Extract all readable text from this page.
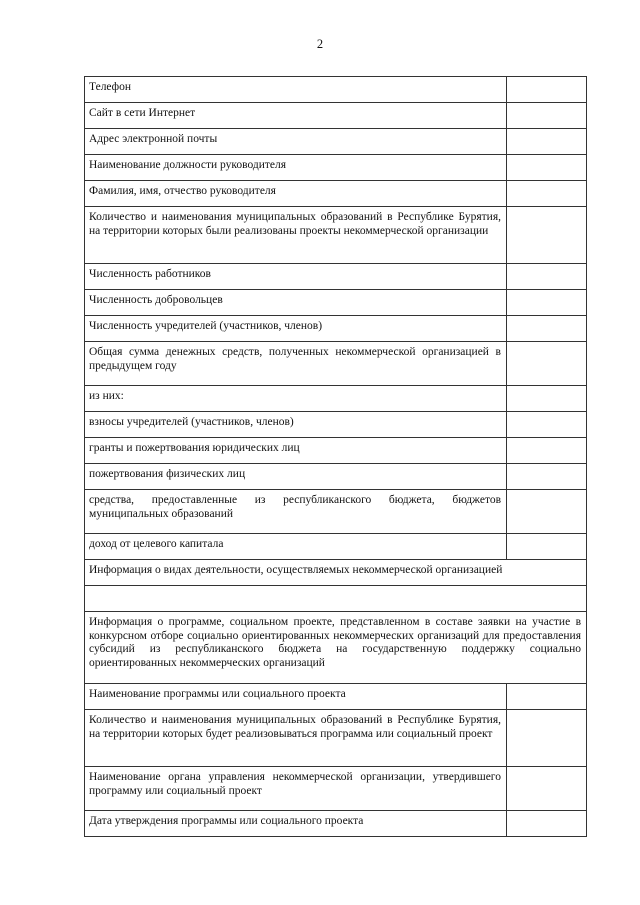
2
Телефон	
Сайт в сети Интернет	
Адрес электронной почты	
Наименование должности руководителя	
Фамилия, имя, отчество руководителя	
Количество и наименования муниципальных образований в Республике Бурятия, на территории которых были реализованы проекты некоммерческой организации	
Численность работников	
Численность добровольцев	
Численность учредителей (участников, членов)	
Общая сумма денежных средств, полученных некоммерческой организацией в предыдущем году	
из них:	
взносы учредителей (участников, членов)	
гранты и пожертвования юридических лиц	
пожертвования физических лиц	
средства, предоставленные из республиканского бюджета, бюджетов муниципальных образований	
доход от целевого капитала	
Информация о видах деятельности, осуществляемых некоммерческой организацией	

Информация о программе, социальном проекте, представленном в составе заявки на участие в конкурсном отборе социально ориентированных некоммерческих организаций для предоставления субсидий из республиканского бюджета на государственную поддержку социально ориентированных некоммерческих организаций	
Наименование программы или социального проекта	
Количество и наименования муниципальных образований в Республике Бурятия, на территории которых будет реализовываться программа или социальный проект	
Наименование органа управления некоммерческой организации, утвердившего программу или социальный проект	
Дата утверждения программы или социального проекта	
